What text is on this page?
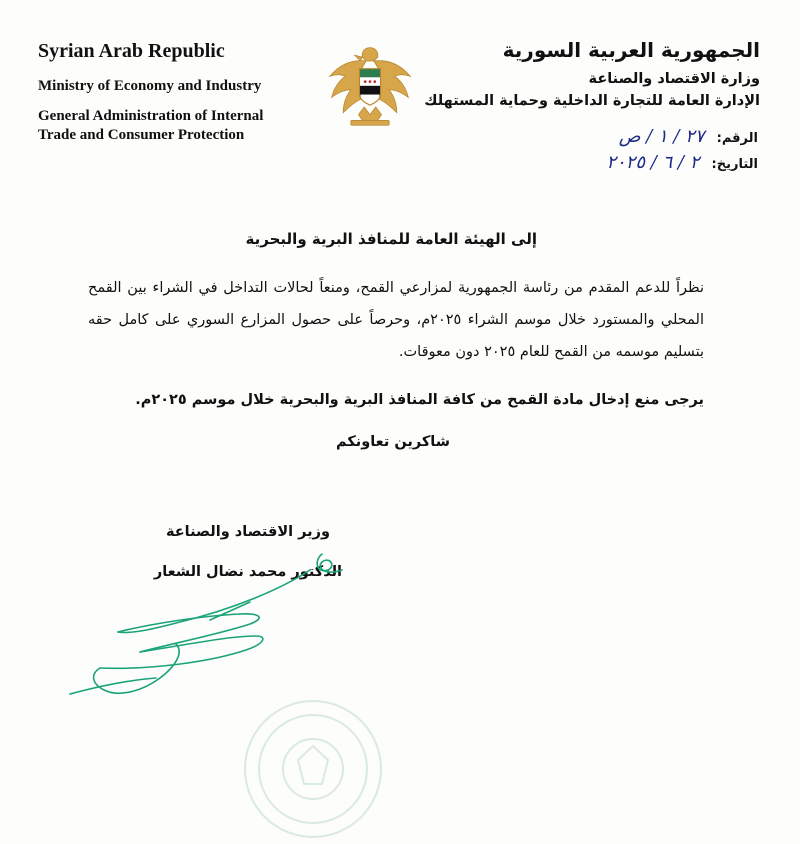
Syrian Arab Republic
Ministry of Economy and Industry
General Administration of Internal
Trade and Consumer Protection
الجمهورية العربية السورية
وزارة الاقتصاد والصناعة
الإدارة العامة للتجارة الداخلية وحماية المستهلك
الرقم: ٢٧ / ١ / ص
التاريخ: ٢ / ٦ / ٢٠٢٥
إلى الهيئة العامة للمنافذ البرية والبحرية
نظراً للدعم المقدم من رئاسة الجمهورية لمزارعي القمح، ومنعاً لحالات التداخل في الشراء بين القمح المحلي والمستورد خلال موسم الشراء ٢٠٢٥م، وحرصاً على حصول المزارع السوري على كامل حقه بتسليم موسمه من القمح للعام ٢٠٢٥ دون معوقات.
يرجى منع إدخال مادة القمح من كافة المنافذ البرية والبحرية خلال موسم ٢٠٢٥م.
شاكرين تعاونكم
وزير الاقتصاد والصناعة
الدكتور محمد نضال الشعار
